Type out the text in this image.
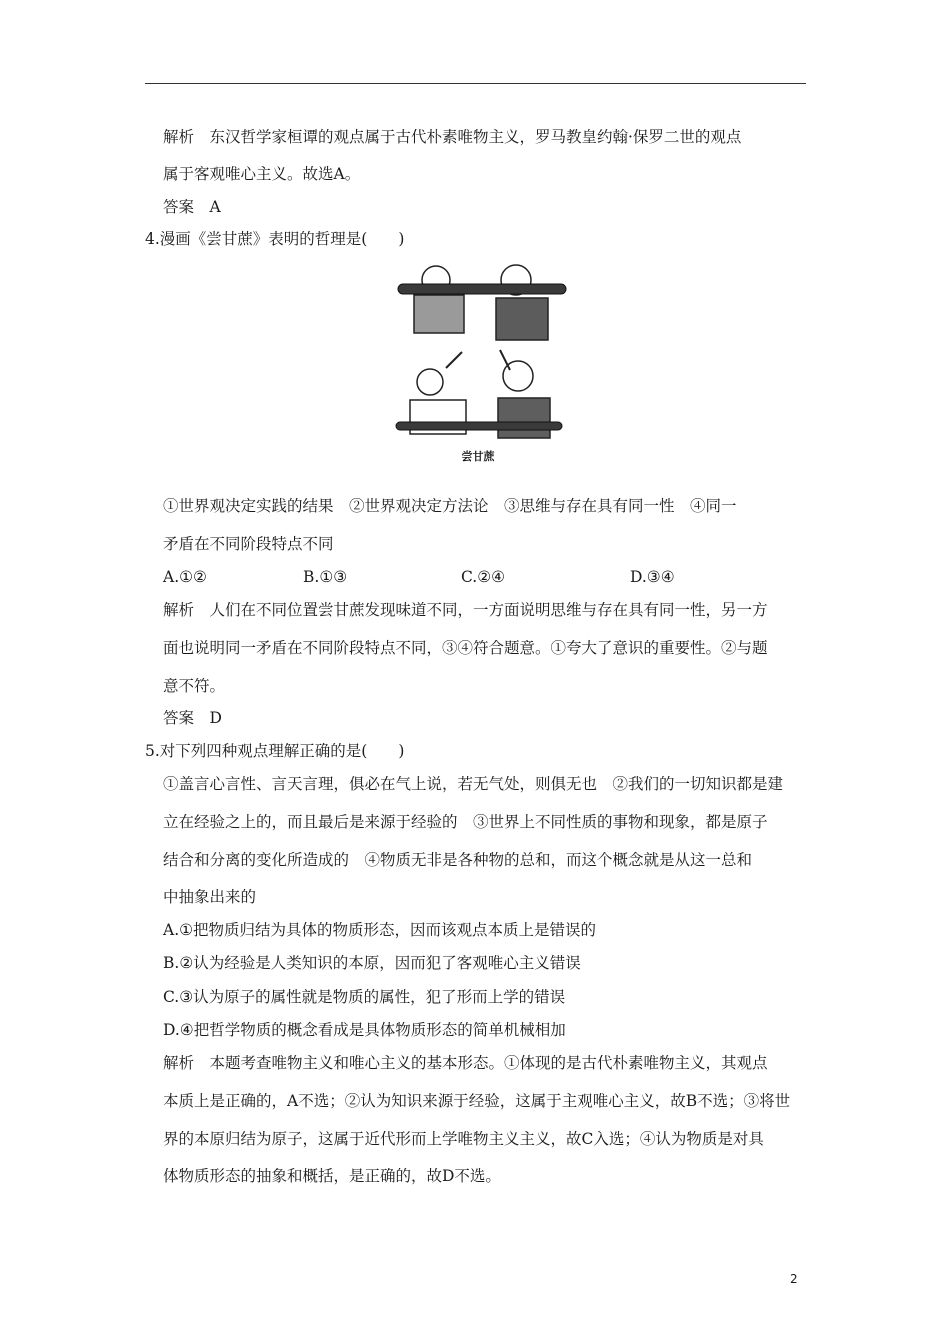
解析　东汉哲学家桓谭的观点属于古代朴素唯物主义，罗马教皇约翰·保罗二世的观点
属于客观唯心主义。故选A。
答案　A
4.漫画《尝甘蔗》表明的哲理是(　　)
尝甘蔗
①世界观决定实践的结果　②世界观决定方法论　③思维与存在具有同一性　④同一
矛盾在不同阶段特点不同
A.①②	B.①③	C.②④	D.③④
解析　人们在不同位置尝甘蔗发现味道不同，一方面说明思维与存在具有同一性，另一方
面也说明同一矛盾在不同阶段特点不同，③④符合题意。①夸大了意识的重要性。②与题
意不符。
答案　D
5.对下列四种观点理解正确的是(　　)
①盖言心言性、言天言理，俱必在气上说，若无气处，则俱无也　②我们的一切知识都是建
立在经验之上的，而且最后是来源于经验的　③世界上不同性质的事物和现象，都是原子
结合和分离的变化所造成的　④物质无非是各种物的总和，而这个概念就是从这一总和
中抽象出来的
A.①把物质归结为具体的物质形态，因而该观点本质上是错误的
B.②认为经验是人类知识的本原，因而犯了客观唯心主义错误
C.③认为原子的属性就是物质的属性，犯了形而上学的错误
D.④把哲学物质的概念看成是具体物质形态的简单机械相加
解析　本题考查唯物主义和唯心主义的基本形态。①体现的是古代朴素唯物主义，其观点
本质上是正确的，A不选；②认为知识来源于经验，这属于主观唯心主义，故B不选；③将世
界的本原归结为原子，这属于近代形而上学唯物主义主义，故C入选；④认为物质是对具
体物质形态的抽象和概括，是正确的，故D不选。
2
